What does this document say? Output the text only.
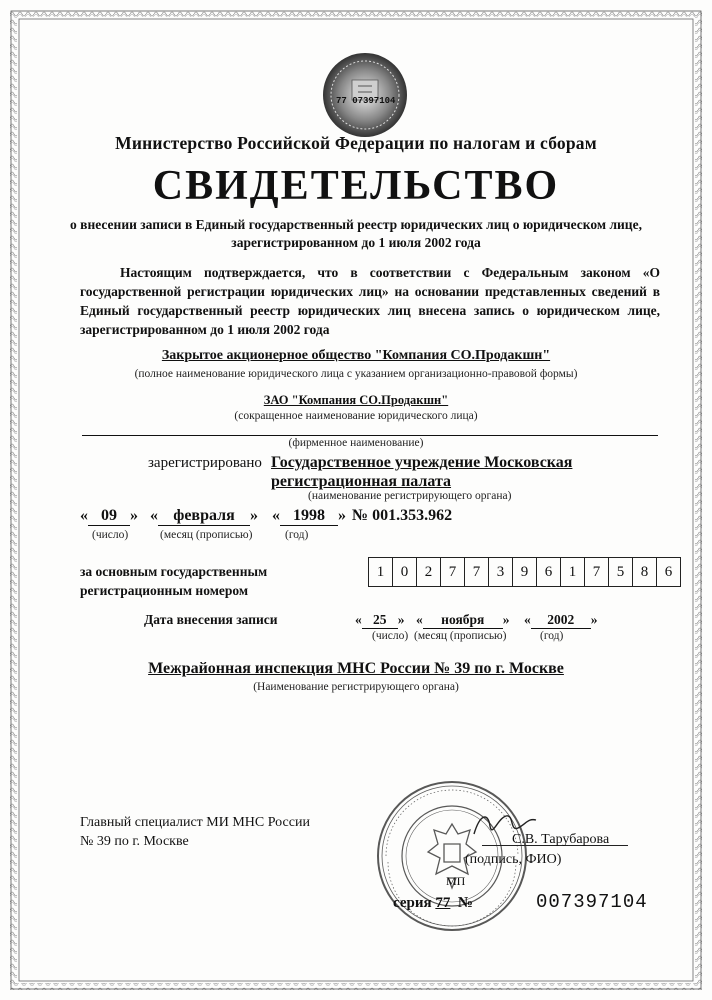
77 07397104
Министерство Российской Федерации по налогам и сборам
СВИДЕТЕЛЬСТВО
о внесении записи в Единый государственный реестр юридических лиц о юридическом лице, зарегистрированном до 1 июля 2002 года
Настоящим подтверждается, что в соответствии с Федеральным законом «О государственной регистрации юридических лиц» на основании представленных сведений в Единый государственный реестр юридических лиц внесена запись о юридическом лице, зарегистрированном до 1 июля 2002 года
Закрытое акционерное общество "Компания СО.Продакшн"
(полное наименование юридического лица с указанием организационно-правовой формы)
ЗАО "Компания СО.Продакшн"
(сокращенное наименование юридического лица)
(фирменное наименование)
зарегистрировано Государственное учреждение Московская
регистрационная палата
(наименование регистрирующего органа)
« 09 » « февраля » « 1998 » № 001.353.962
(число)	(месяц (прописью)	(год)
за основным государственным
регистрационным номером
1	0	2	7	7	3	9	6	1	7	5	8	6
Дата внесения записи	« 25 » « ноября » « 2002 »
(число) (месяц (прописью)	(год)
Межрайонная инспекция МНС России № 39 по г. Москве
(Наименование регистрирующего органа)
Главный специалист МИ МНС России
№ 39 по г. Москве	С.В. Тарубарова
(подпись, ФИО)
МП
серия 77 №	007397104
